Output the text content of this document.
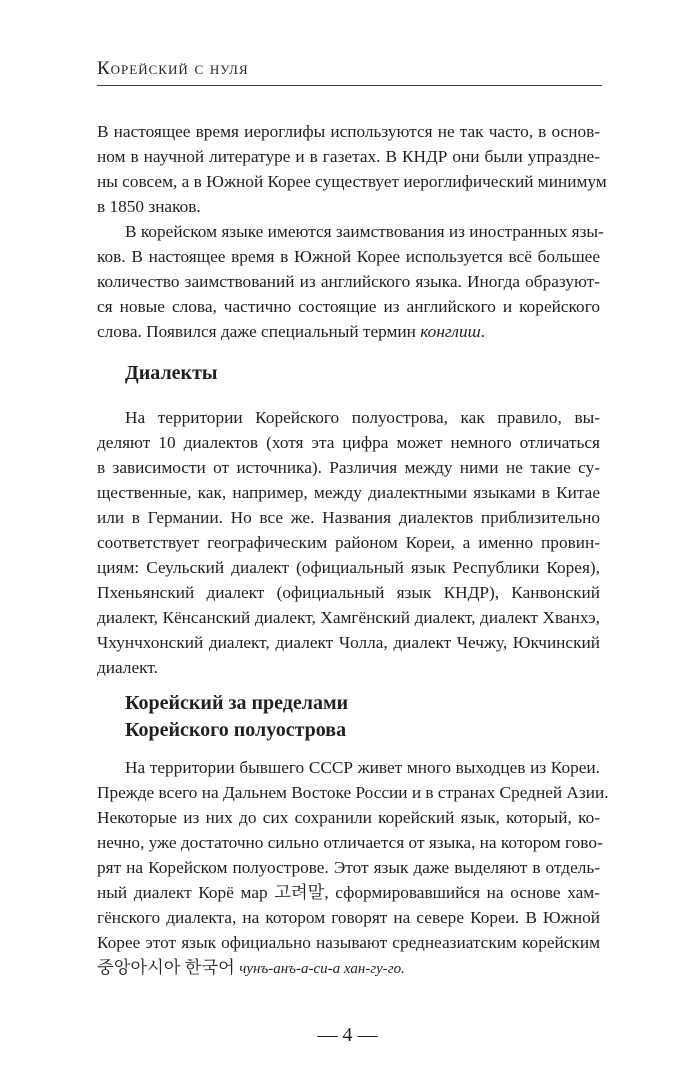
Корейский с нуля
В настоящее время иероглифы используются не так часто, в основ-
ном в научной литературе и в газетах. В КНДР они были упраздне-
ны совсем, а в Южной Корее существует иероглифический минимум
в 1850 знаков.
В корейском языке имеются заимствования из иностранных язы-
ков. В настоящее время в Южной Корее используется всё большее
количество заимствований из английского языка. Иногда образуют-
ся новые слова, частично состоящие из английского и корейского
слова. Появился даже специальный термин конглиш.
Диалекты
На территории Корейского полуострова, как правило, вы-
деляют 10 диалектов (хотя эта цифра может немного отличаться
в зависимости от источника). Различия между ними не такие су-
щественные, как, например, между диалектными языками в Китае
или в Германии. Но все же. Названия диалектов приблизительно
соответствует географическим районом Кореи, а именно провин-
циям: Сеульский диалект (официальный язык Республики Корея),
Пхеньянский диалект (официальный язык КНДР), Канвонский
диалект, Кёнсанский диалект, Хамгёнский диалект, диалект Хванхэ,
Чхунчхонский диалект, диалект Чолла, диалект Чечжу, Юкчинский
диалект.
Корейский за пределами
Корейского полуострова
На территории бывшего СССР живет много выходцев из Кореи.
Прежде всего на Дальнем Востоке России и в странах Средней Азии.
Некоторые из них до сих сохранили корейский язык, который, ко-
нечно, уже достаточно сильно отличается от языка, на котором гово-
рят на Корейском полуострове. Этот язык даже выделяют в отдель-
ный диалект Корё мар 고려말, сформировавшийся на основе хам-
гёнского диалекта, на котором говорят на севере Кореи. В Южной
Корее этот язык официально называют среднеазиатским корейским
중앙아시아 한국어 чунъ-анъ-а-си-а хан-гу-го.
— 4 —
